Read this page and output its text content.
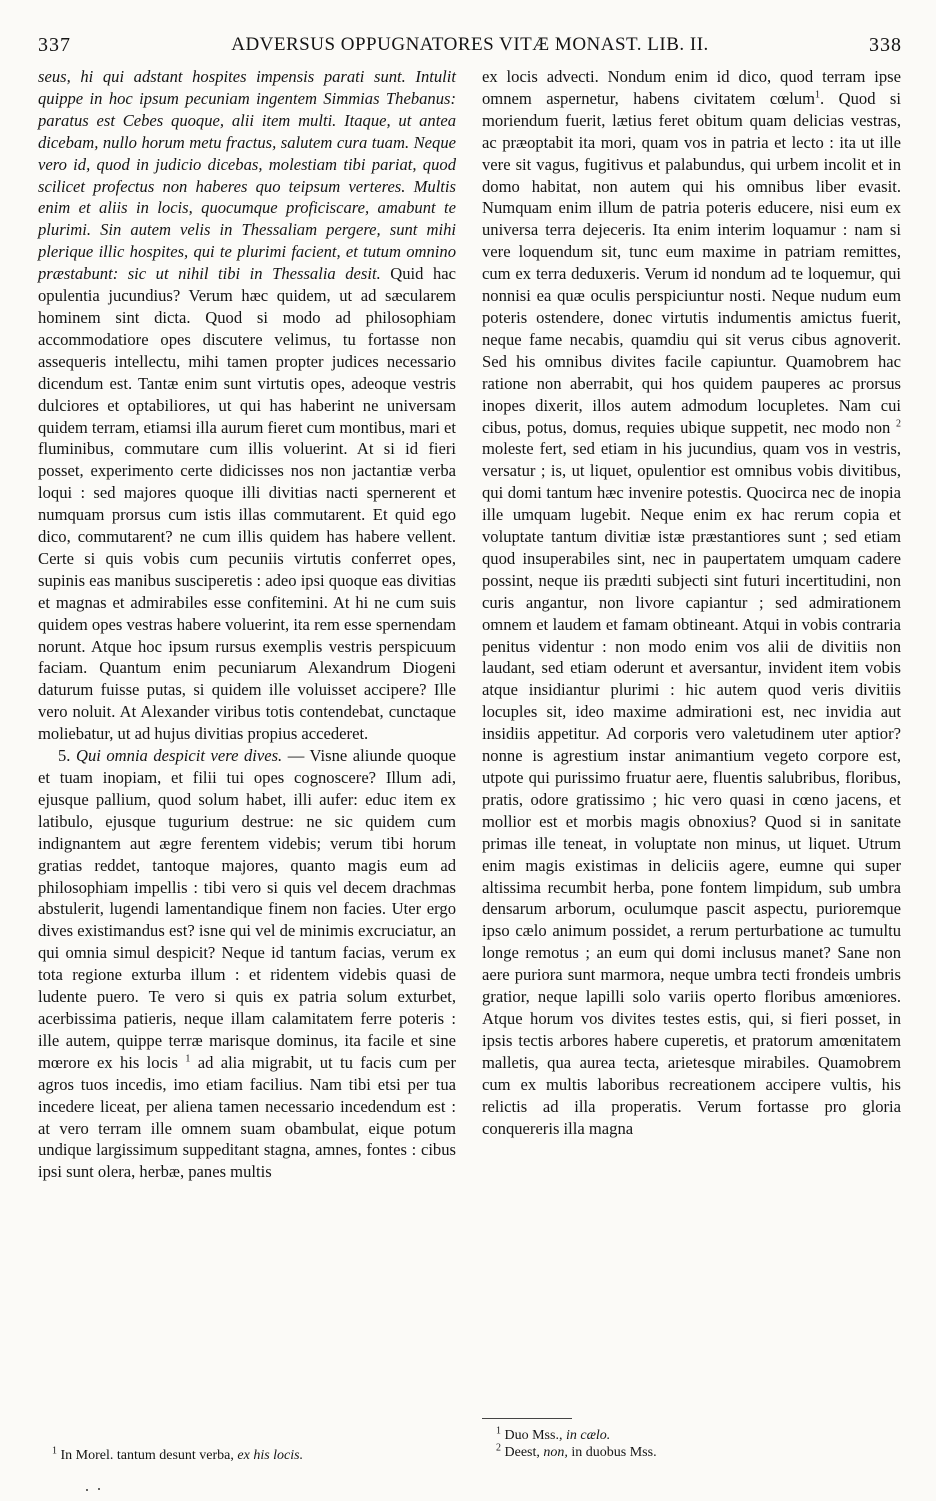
337	ADVERSUS OPPUGNATORES VITÆ MONAST. LIB. II.	338

seus, hi qui adstant hospites impensis parati sunt. Intulit quippe in hoc ipsum pecuniam ingentem Simmias Thebanus: paratus est Cebes quoque, alii item multi. Itaque, ut antea dicebam, nullo horum metu fractus, salutem cura tuam. Neque vero id, quod in judicio dicebas, molestiam tibi pariat, quod scilicet profectus non haberes quo teipsum verteres. Multis enim et aliis in locis, quocumque proficiscare, amabunt te plurimi. Sin autem velis in Thessaliam pergere, sunt mihi plerique illic hospites, qui te plurimi facient, et tutum omnino præstabunt: sic ut nihil tibi in Thessalia desit. Quid hac opulentia jucundius? Verum hæc quidem, ut ad sæcularem hominem sint dicta. Quod si modo ad philosophiam accommodatiore opes discutere velimus, tu fortasse non assequeris intellectu, mihi tamen propter judices necessario dicendum est. Tantæ enim sunt virtutis opes, adeoque vestris dulciores et optabiliores, ut qui has haberint ne universam quidem terram, etiamsi illa aurum fieret cum montibus, mari et fluminibus, commutare cum illis voluerint. At si id fieri posset, experimento certe didicisses nos non jactantiæ verba loqui : sed majores quoque illi divitias nacti spernerent et numquam prorsus cum istis illas commutarent. Et quid ego dico, commutarent? ne cum illis quidem has habere vellent. Certe si quis vobis cum pecuniis virtutis conferret opes, supinis eas manibus susciperetis : adeo ipsi quoque eas divitias et magnas et admirabiles esse confitemini. At hi ne cum suis quidem opes vestras habere voluerint, ita rem esse spernendam norunt. Atque hoc ipsum rursus exemplis vestris perspicuum faciam. Quantum enim pecuniarum Alexandrum Diogeni daturum fuisse putas, si quidem ille voluisset accipere? Ille vero noluit. At Alexander viribus totis contendebat, cunctaque moliebatur, ut ad hujus divitias propius accederet.

5. Qui omnia despicit vere dives. — Visne aliunde quoque et tuam inopiam, et filii tui opes cognoscere? Illum adi, ejusque pallium, quod solum habet, illi aufer: educ item ex latibulo, ejusque tugurium destrue: ne sic quidem cum indignantem aut ægre ferentem videbis; verum tibi horum gratias reddet, tantoque majores, quanto magis eum ad philosophiam impellis : tibi vero si quis vel decem drachmas abstulerit, lugendi lamentandique finem non facies. Uter ergo dives existimandus est? isne qui vel de minimis excruciatur, an qui omnia simul despicit? Neque id tantum facias, verum ex tota regione exturba illum : et ridentem videbis quasi de ludente puero. Te vero si quis ex patria solum exturbet, acerbissima patieris, neque illam calamitatem ferre poteris : ille autem, quippe terræ marisque dominus, ita facile et sine mœrore ex his locis $^1$ ad alia migrabit, ut tu facis cum per agros tuos incedis, imo etiam facilius. Nam tibi etsi per tua incedere liceat, per aliena tamen necessario incedendum est : at vero terram ille omnem suam obambulat, eique potum undique largissimum suppeditant stagna, amnes, fontes : cibus ipsi sunt olera, herbæ, panes multis

ex locis advecti. Nondum enim id dico, quod terram ipse omnem aspernetur, habens civitatem cœlum$^1$. Quod si moriendum fuerit, lætius feret obitum quam delicias vestras, ac præoptabit ita mori, quam vos in patria et lecto : ita ut ille vere sit vagus, fugitivus et palabundus, qui urbem incolit et in domo habitat, non autem qui his omnibus liber evasit. Numquam enim illum de patria poteris educere, nisi eum ex universa terra dejeceris. Ita enim interim loquamur : nam si vere loquendum sit, tunc eum maxime in patriam remittes, cum ex terra deduxeris. Verum id nondum ad te loquemur, qui nonnisi ea quæ oculis perspiciuntur nosti. Neque nudum eum poteris ostendere, donec virtutis indumentis amictus fuerit, neque fame necabis, quamdiu qui sit verus cibus agnoverit. Sed his omnibus divites facile capiuntur. Quamobrem hac ratione non aberrabit, qui hos quidem pauperes ac prorsus inopes dixerit, illos autem admodum locupletes. Nam cui cibus, potus, domus, requies ubique suppetit, nec modo non $^2$ moleste fert, sed etiam in his jucundius, quam vos in vestris, versatur ; is, ut liquet, opulentior est omnibus vobis divitibus, qui domi tantum hæc invenire potestis. Quocirca nec de inopia ille umquam lugebit. Neque enim ex hac rerum copia et voluptate tantum divitiæ istæ præstantiores sunt ; sed etiam quod insuperabiles sint, nec in paupertatem umquam cadere possint, neque iis prædıti subjecti sint futuri incertitudini, non curis angantur, non livore capiantur ; sed admirationem omnem et laudem et famam obtineant. Atqui in vobis contraria penitus videntur : non modo enim vos alii de divitiis non laudant, sed etiam oderunt et aversantur, invident item vobis atque insidiantur plurimi : hic autem quod veris divitiis locuples sit, ideo maxime admirationi est, nec invidia aut insidiis appetitur. Ad corporis vero valetudinem uter aptior? nonne is agrestium instar animantium vegeto corpore est, utpote qui purissimo fruatur aere, fluentis salubribus, floribus, pratis, odore gratissimo ; hic vero quasi in cœno jacens, et mollior est et morbis magis obnoxius? Quod si in sanitate primas ille teneat, in voluptate non minus, ut liquet. Utrum enim magis existimas in deliciis agere, eumne qui super altissima recumbit herba, pone fontem limpidum, sub umbra densarum arborum, oculumque pascit aspectu, purioremque ipso cælo animum possidet, a rerum perturbatione ac tumultu longe remotus ; an eum qui domi inclusus manet? Sane non aere puriora sunt marmora, neque umbra tecti frondeis umbris gratior, neque lapilli solo variis operto floribus amœniores. Atque horum vos divites testes estis, qui, si fieri posset, in ipsis tectis arbores habere cuperetis, et pratorum amœnitatem malletis, qua aurea tecta, arietesque mirabiles. Quamobrem cum ex multis laboribus recreationem accipere vultis, his relictis ad illa properatis. Verum fortasse pro gloria conquereris illa magna

$^1$ In Morel. tantum desunt verba, ex his locis.
$^1$ Duo Mss., in cælo.
$^2$ Deest, non, in duobus Mss.
